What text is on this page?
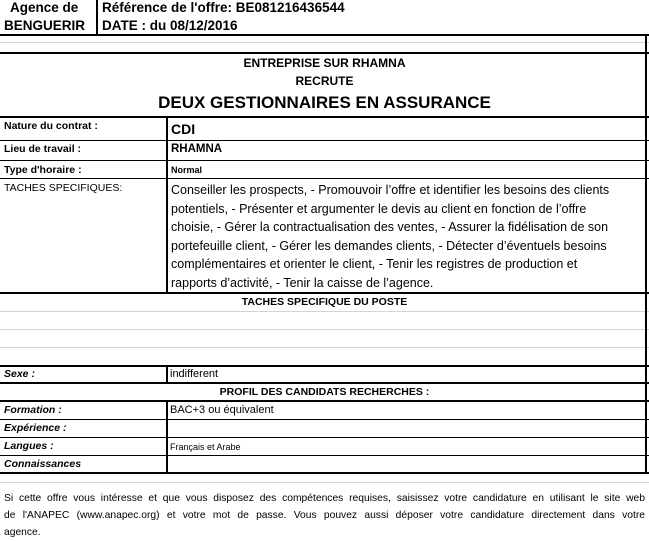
Agence de
BENGUERIR
Référence de l'offre: BE081216436544
DATE : du 08/12/2016
ENTREPRISE SUR RHAMNA
RECRUTE
DEUX GESTIONNAIRES EN ASSURANCE
Nature du contrat :	CDI
Lieu de travail :	RHAMNA
Type d'horaire :	Normal
TACHES SPECIFIQUES:	Conseiller les prospects, - Promouvoir l’offre et identifier les besoins des clients
potentiels, - Présenter et argumenter le devis au client en fonction de l’offre
choisie, - Gérer la contractualisation des ventes, - Assurer la fidélisation de son
portefeuille client, - Gérer les demandes clients, - Détecter d’éventuels besoins
complémentaires et orienter le client, - Tenir les registres de production et
rapports d’activité, - Tenir la caisse de l’agence.
TACHES SPECIFIQUE DU POSTE
Sexe :	indifferent
PROFIL DES CANDIDATS RECHERCHES :
Formation :	BAC+3 ou équivalent
Expérience :
Langues :	Français et Arabe
Connaissances
Si cette offre vous intéresse et que vous disposez des compétences requises, saisissez votre candidature en utilisant le site web
de l'ANAPEC (www.anapec.org) et votre mot de passe. Vous pouvez aussi déposer votre candidature directement dans votre
agence.
